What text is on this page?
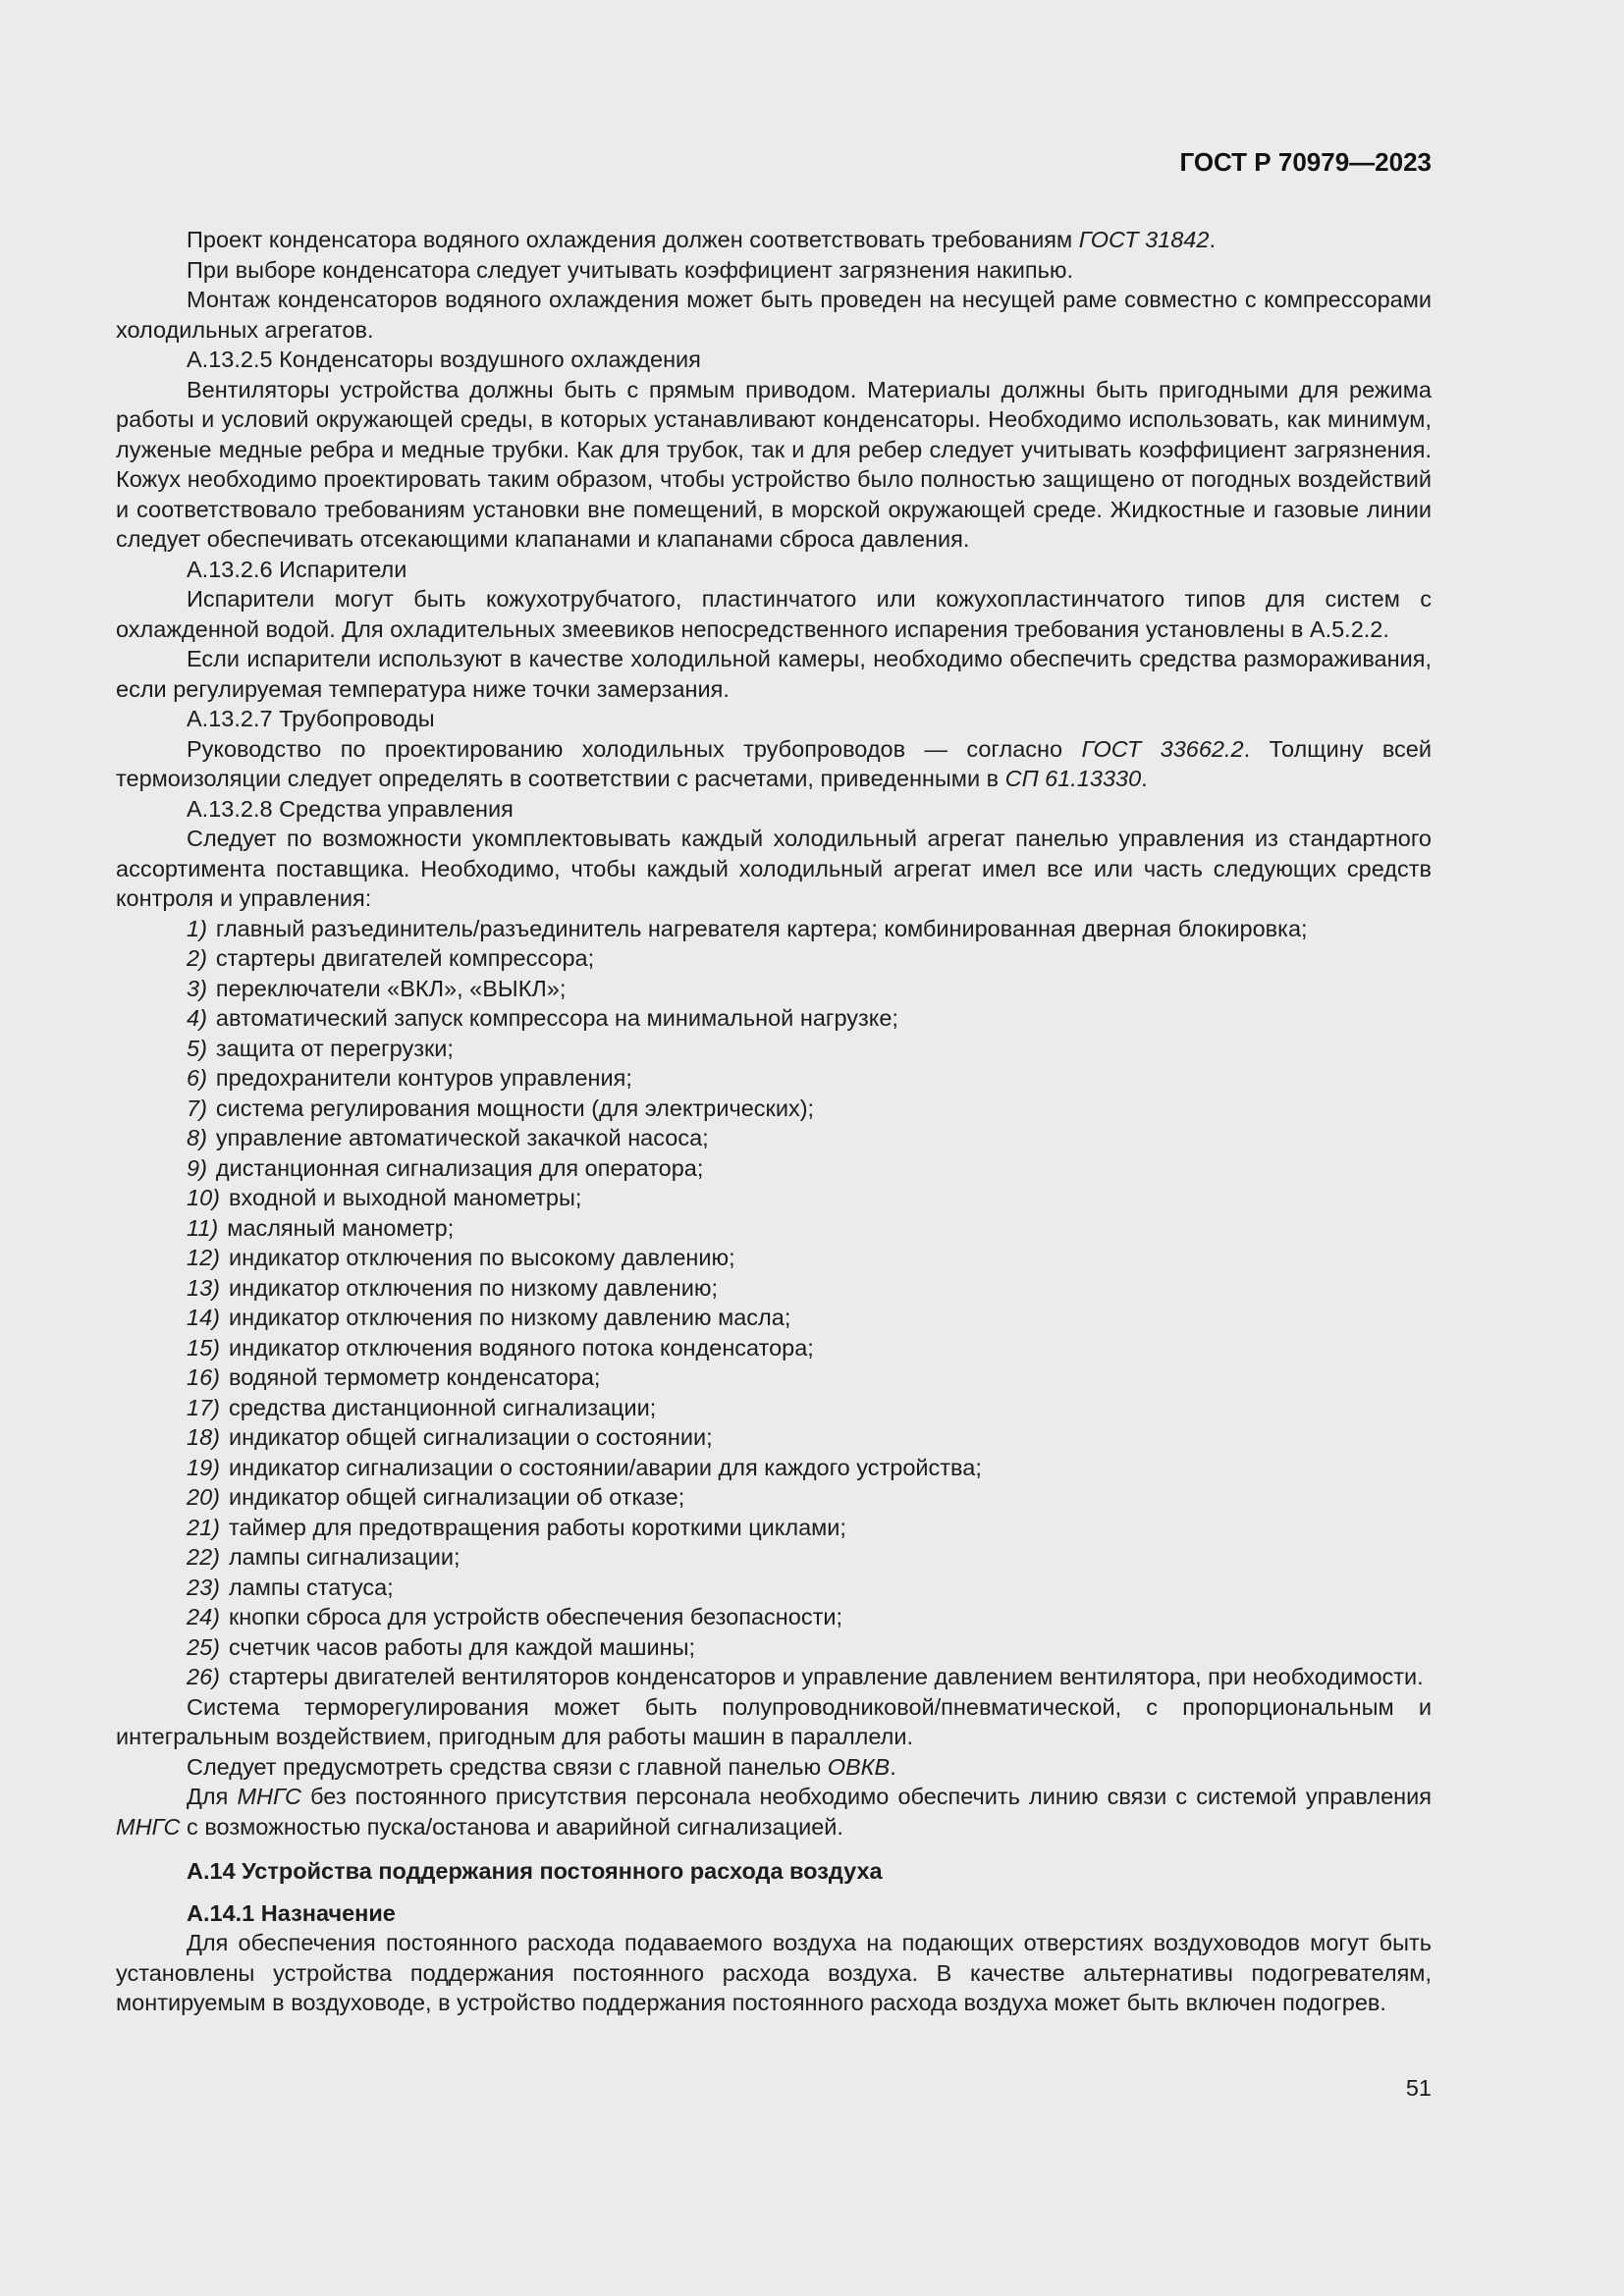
ГОСТ Р 70979—2023

Проект конденсатора водяного охлаждения должен соответствовать требованиям ГОСТ 31842.

При выборе конденсатора следует учитывать коэффициент загрязнения накипью.

Монтаж конденсаторов водяного охлаждения может быть проведен на несущей раме совместно с компрессорами холодильных агрегатов.

А.13.2.5 Конденсаторы воздушного охлаждения

Вентиляторы устройства должны быть с прямым приводом. Материалы должны быть пригодными для режима работы и условий окружающей среды, в которых устанавливают конденсаторы. Необходимо использовать, как минимум, луженые медные ребра и медные трубки. Как для трубок, так и для ребер следует учитывать коэффициент загрязнения. Кожух необходимо проектировать таким образом, чтобы устройство было полностью защищено от погодных воздействий и соответствовало требованиям установки вне помещений, в морской окружающей среде. Жидкостные и газовые линии следует обеспечивать отсекающими клапанами и клапанами сброса давления.

А.13.2.6 Испарители

Испарители могут быть кожухотрубчатого, пластинчатого или кожухопластинчатого типов для систем с охлажденной водой. Для охладительных змеевиков непосредственного испарения требования установлены в А.5.2.2.

Если испарители используют в качестве холодильной камеры, необходимо обеспечить средства размораживания, если регулируемая температура ниже точки замерзания.

А.13.2.7 Трубопроводы

Руководство по проектированию холодильных трубопроводов — согласно ГОСТ 33662.2. Толщину всей термоизоляции следует определять в соответствии с расчетами, приведенными в СП 61.13330.

А.13.2.8 Средства управления

Следует по возможности укомплектовывать каждый холодильный агрегат панелью управления из стандартного ассортимента поставщика. Необходимо, чтобы каждый холодильный агрегат имел все или часть следующих средств контроля и управления:

1) главный разъединитель/разъединитель нагревателя картера; комбинированная дверная блокировка;
2) стартеры двигателей компрессора;
3) переключатели «ВКЛ», «ВЫКЛ»;
4) автоматический запуск компрессора на минимальной нагрузке;
5) защита от перегрузки;
6) предохранители контуров управления;
7) система регулирования мощности (для электрических);
8) управление автоматической закачкой насоса;
9) дистанционная сигнализация для оператора;
10) входной и выходной манометры;
11) масляный манометр;
12) индикатор отключения по высокому давлению;
13) индикатор отключения по низкому давлению;
14) индикатор отключения по низкому давлению масла;
15) индикатор отключения водяного потока конденсатора;
16) водяной термометр конденсатора;
17) средства дистанционной сигнализации;
18) индикатор общей сигнализации о состоянии;
19) индикатор сигнализации о состоянии/аварии для каждого устройства;
20) индикатор общей сигнализации об отказе;
21) таймер для предотвращения работы короткими циклами;
22) лампы сигнализации;
23) лампы статуса;
24) кнопки сброса для устройств обеспечения безопасности;
25) счетчик часов работы для каждой машины;
26) стартеры двигателей вентиляторов конденсаторов и управление давлением вентилятора, при необходимости.

Система терморегулирования может быть полупроводниковой/пневматической, с пропорциональным и интегральным воздействием, пригодным для работы машин в параллели.

Следует предусмотреть средства связи с главной панелью ОВКВ.

Для МНГС без постоянного присутствия персонала необходимо обеспечить линию связи с системой управления МНГС с возможностью пуска/останова и аварийной сигнализацией.

А.14 Устройства поддержания постоянного расхода воздуха
А.14.1 Назначение

Для обеспечения постоянного расхода подаваемого воздуха на подающих отверстиях воздуховодов могут быть установлены устройства поддержания постоянного расхода воздуха. В качестве альтернативы подогревателям, монтируемым в воздуховоде, в устройство поддержания постоянного расхода воздуха может быть включен подогрев.

51
